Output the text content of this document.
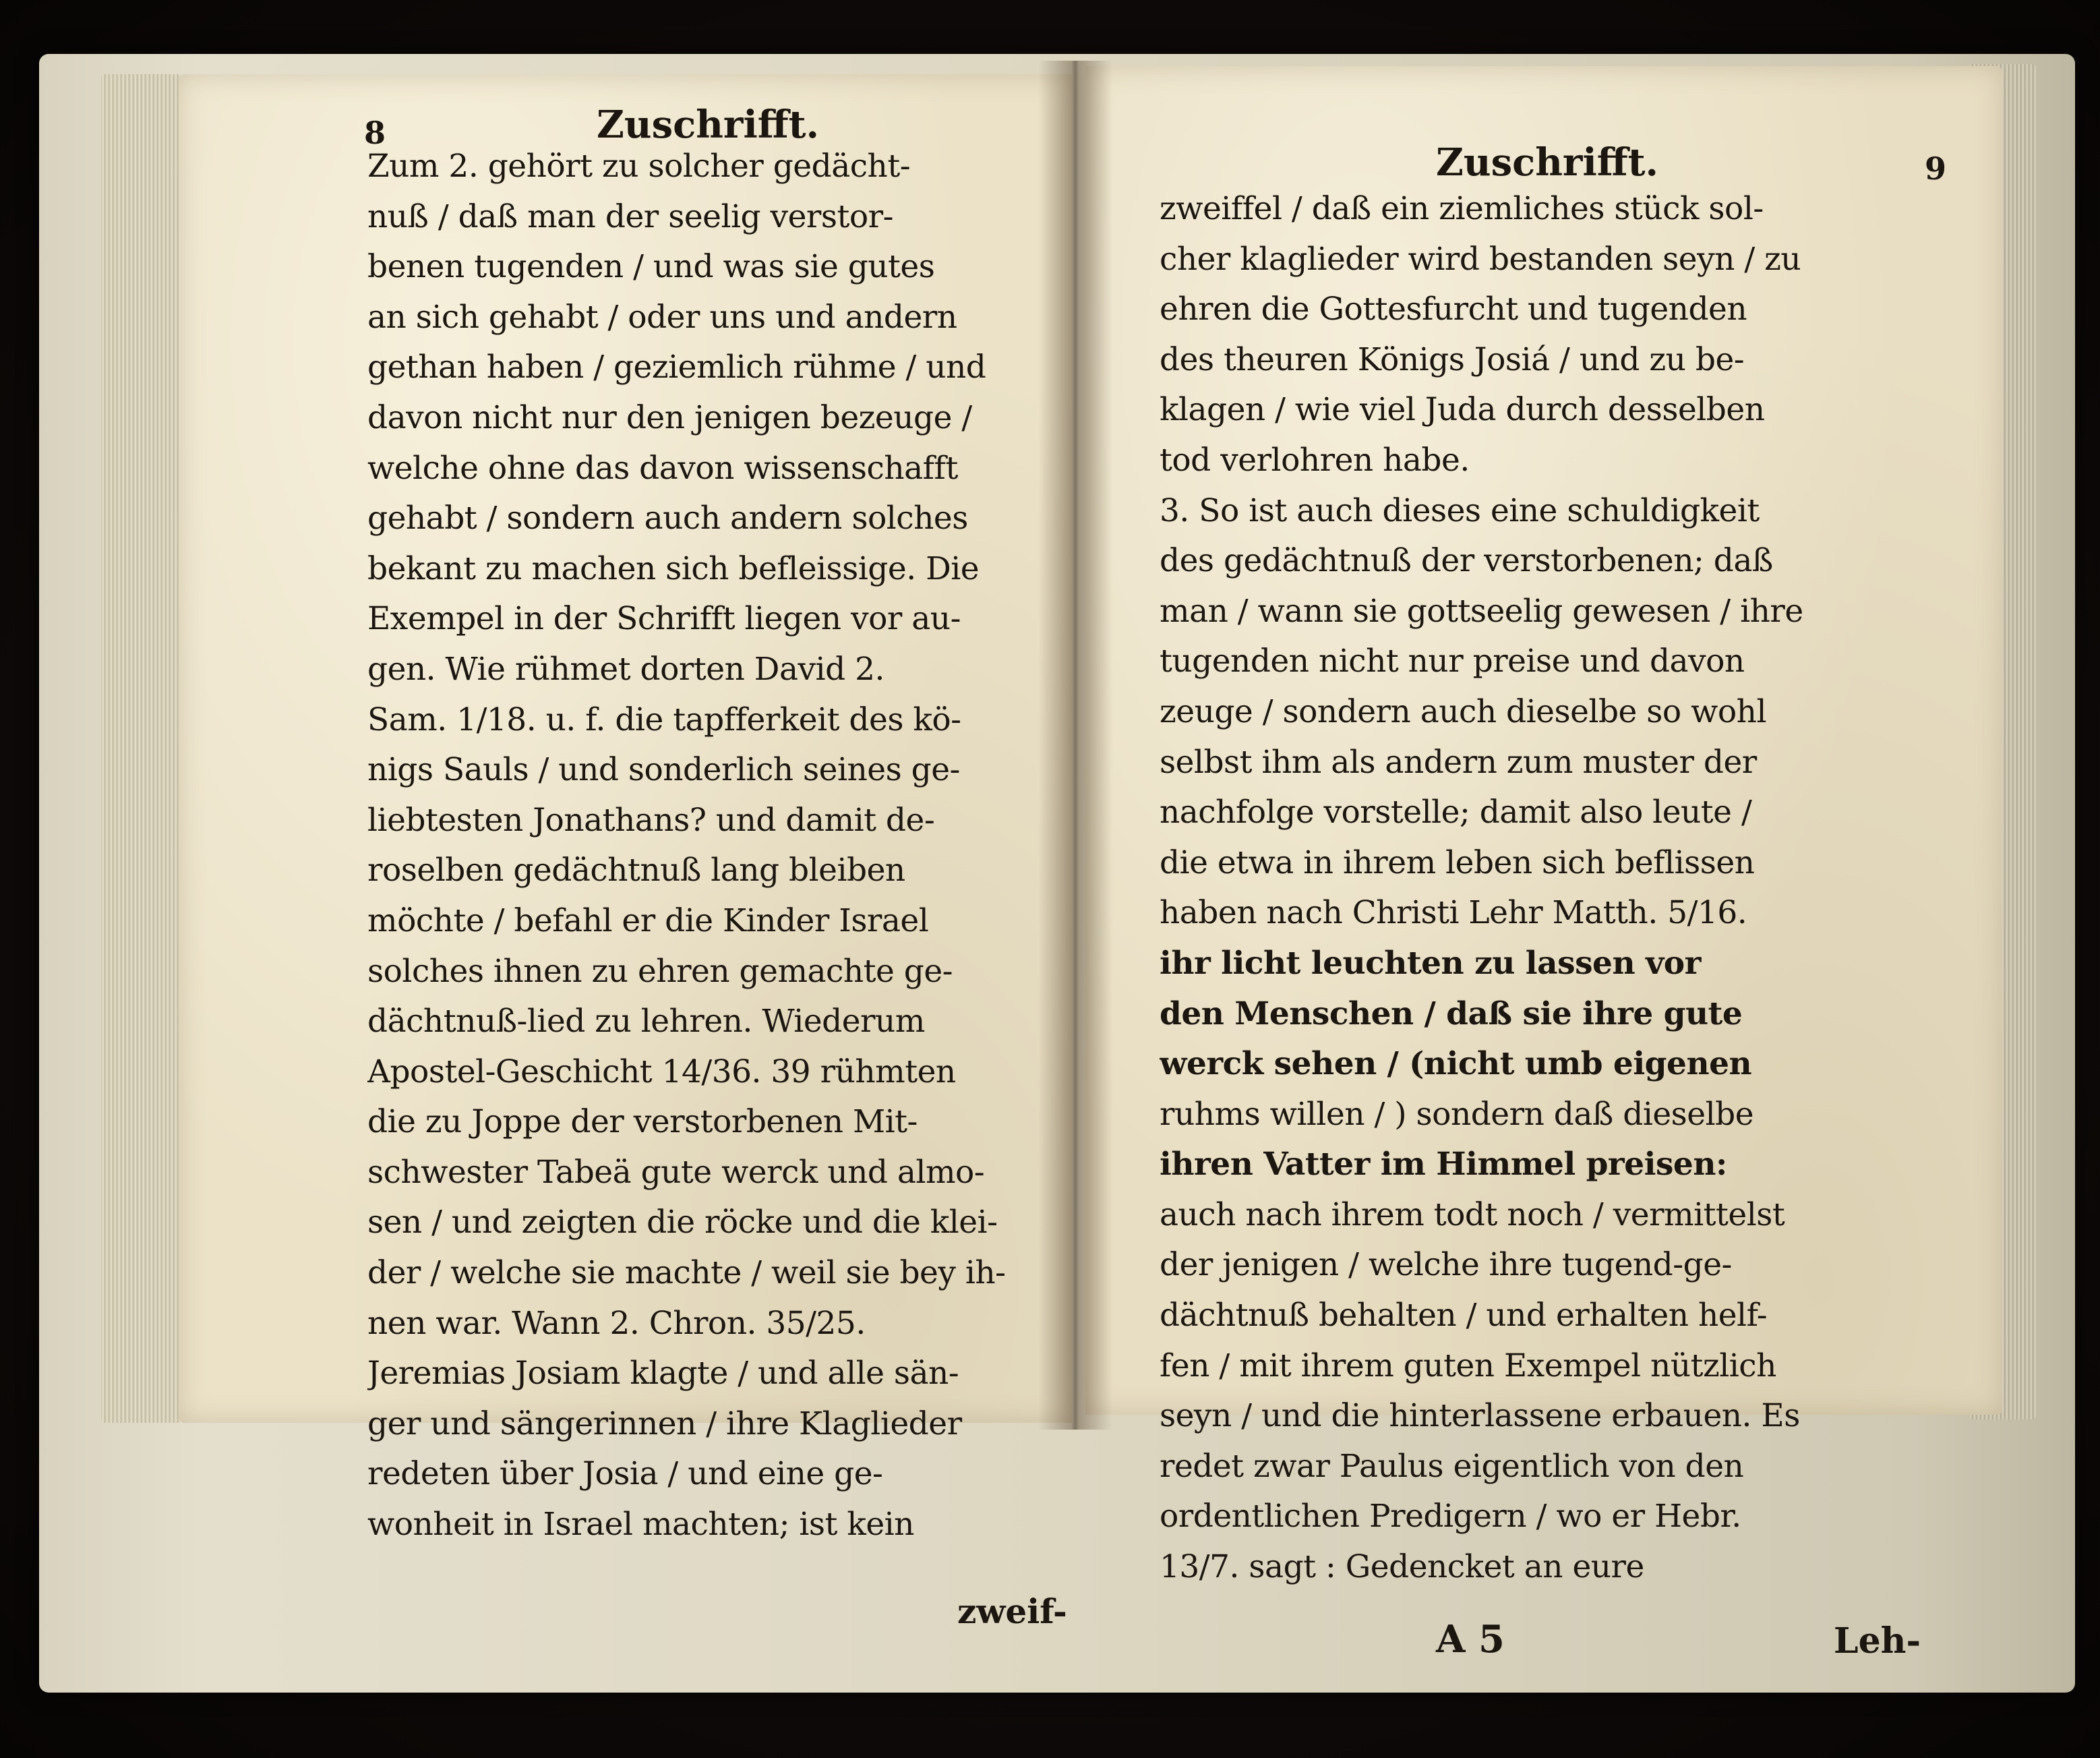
8	Zuschrifft.
Zum 2. gehört zu solcher gedächt-
nuß / daß man der seelig verstor-
benen tugenden / und was sie gutes
an sich gehabt / oder uns und andern
gethan haben / geziemlich rühme / und
davon nicht nur den jenigen bezeuge /
welche ohne das davon wissenschafft
gehabt / sondern auch andern solches
bekant zu machen sich befleissige. Die
Exempel in der Schrifft liegen vor au-
gen. Wie rühmet dorten David 2.
Sam. 1/18. u. f. die tapfferkeit des kö-
nigs Sauls / und sonderlich seines ge-
liebtesten Jonathans? und damit de-
roselben gedächtnuß lang bleiben
möchte / befahl er die Kinder Israel
solches ihnen zu ehren gemachte ge-
dächtnuß-lied zu lehren. Wiederum
Apostel-Geschicht 14/36. 39 rühmten
die zu Joppe der verstorbenen Mit-
schwester Tabeä gute werck und almo-
sen / und zeigten die röcke und die klei-
der / welche sie machte / weil sie bey ih-
nen war. Wann 2. Chron. 35/25.
Jeremias Josiam klagte / und alle sän-
ger und sängerinnen / ihre Klaglieder
redeten über Josia / und eine ge-
wonheit in Israel machten; ist kein
zweif-
Zuschrifft.	9
zweiffel / daß ein ziemliches stück sol-
cher klaglieder wird bestanden seyn / zu
ehren die Gottesfurcht und tugenden
des theuren Königs Josiá / und zu be-
klagen / wie viel Juda durch desselben
tod verlohren habe.
3. So ist auch dieses eine schuldigkeit
des gedächtnuß der verstorbenen; daß
man / wann sie gottseelig gewesen / ihre
tugenden nicht nur preise und davon
zeuge / sondern auch dieselbe so wohl
selbst ihm als andern zum muster der
nachfolge vorstelle; damit also leute /
die etwa in ihrem leben sich beflissen
haben nach Christi Lehr Matth. 5/16.
ihr licht leuchten zu lassen vor
den Menschen / daß sie ihre gute
werck sehen / (nicht umb eigenen
ruhms willen / ) sondern daß dieselbe
ihren Vatter im Himmel preisen:
auch nach ihrem todt noch / vermittelst
der jenigen / welche ihre tugend-ge-
dächtnuß behalten / und erhalten helf-
fen / mit ihrem guten Exempel nützlich
seyn / und die hinterlassene erbauen. Es
redet zwar Paulus eigentlich von den
ordentlichen Predigern / wo er Hebr.
13/7. sagt : Gedencket an eure
A 5	Leh-
